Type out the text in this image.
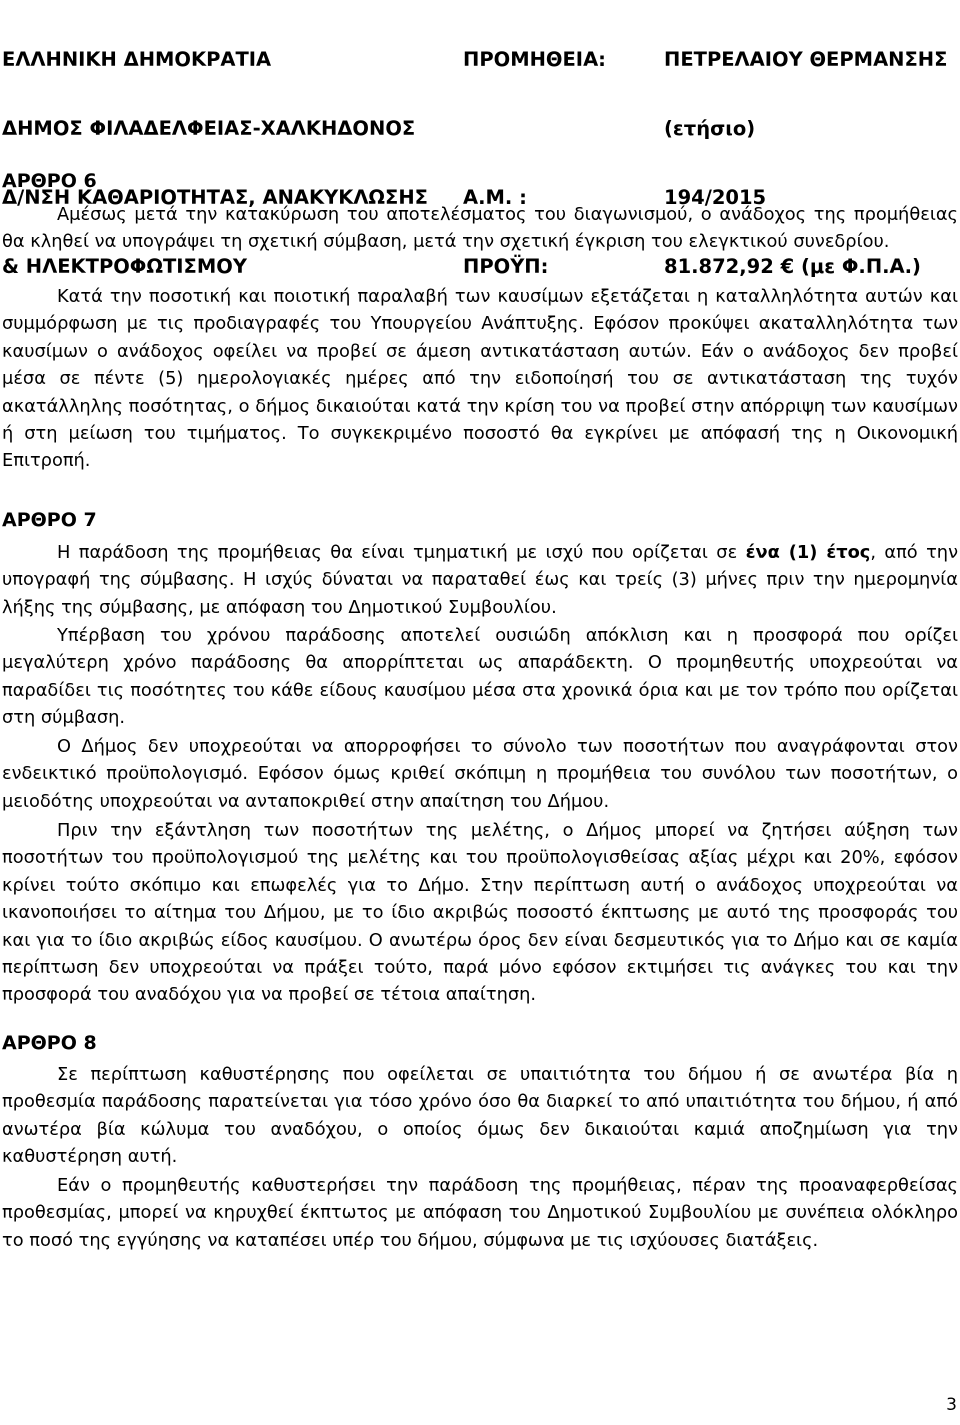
ΕΛΛΗΝΙΚΗ ΔΗΜΟΚΡΑΤΙΑ

ΔΗΜΟΣ ΦΙΛΑΔΕΛΦΕΙΑΣ-ΧΑΛΚΗΔΟΝΟΣ

Δ/ΝΣΗ ΚΑΘΑΡΙΟΤΗΤΑΣ, ΑΝΑΚΥΚΛΩΣΗΣ

& ΗΛΕΚΤΡΟΦΩΤΙΣΜΟΥ

ΠΡΟΜΗΘΕΙΑ:

Α.Μ. :

ΠΡΟΫΠ:

ΠΕΤΡΕΛΑΙΟΥ ΘΕΡΜΑΝΣΗΣ

(ετήσιο)

194/2015

81.872,92 € (με Φ.Π.Α.)

ΑΡΘΡΟ 6

Αμέσως μετά την κατακύρωση του αποτελέσματος του διαγωνισμού, ο ανάδοχος της προμήθειας θα κληθεί να υπογράψει τη σχετική σύμβαση, μετά την σχετική έγκριση του ελεγκτικού συνεδρίου.

Κατά την ποσοτική και ποιοτική παραλαβή των καυσίμων εξετάζεται η καταλληλότητα αυτών και συμμόρφωση με τις προδιαγραφές του Υπουργείου Ανάπτυξης. Εφόσον προκύψει ακαταλληλότητα των καυσίμων ο ανάδοχος οφείλει να προβεί σε άμεση αντικατάσταση αυτών. Εάν ο ανάδοχος δεν προβεί μέσα σε πέντε (5) ημερολογιακές ημέρες από την ειδοποίησή του σε αντικατάσταση της τυχόν ακατάλληλης ποσότητας, ο δήμος δικαιούται κατά την κρίση του να προβεί στην απόρριψη των καυσίμων ή στη μείωση του τιμήματος. Το συγκεκριμένο ποσοστό θα εγκρίνει με απόφασή της η Οικονομική Επιτροπή.

ΑΡΘΡΟ 7

Η παράδοση της προμήθειας θα είναι τμηματική με ισχύ που ορίζεται σε ένα (1) έτος, από την υπογραφή της σύμβασης. Η ισχύς δύναται να παραταθεί έως και τρείς (3) μήνες πριν την ημερομηνία λήξης της σύμβασης, με απόφαση του Δημοτικού Συμβουλίου.

Υπέρβαση του χρόνου παράδοσης αποτελεί ουσιώδη απόκλιση και η προσφορά που ορίζει μεγαλύτερη χρόνο παράδοσης θα απορρίπτεται ως απαράδεκτη. Ο προμηθευτής υποχρεούται να παραδίδει τις ποσότητες του κάθε είδους καυσίμου μέσα στα χρονικά όρια και με τον τρόπο που ορίζεται στη σύμβαση.

Ο Δήμος δεν υποχρεούται να απορροφήσει το σύνολο των ποσοτήτων που αναγράφονται στον ενδεικτικό προϋπολογισμό. Εφόσον όμως κριθεί σκόπιμη η προμήθεια του συνόλου των ποσοτήτων, ο μειοδότης υποχρεούται να ανταποκριθεί στην απαίτηση του Δήμου.

Πριν την εξάντληση των ποσοτήτων της μελέτης, ο Δήμος μπορεί να ζητήσει αύξηση των ποσοτήτων του προϋπολογισμού της μελέτης και του προϋπολογισθείσας αξίας μέχρι και 20%, εφόσον κρίνει τούτο σκόπιμο και επωφελές για το Δήμο. Στην περίπτωση αυτή ο ανάδοχος υποχρεούται να ικανοποιήσει το αίτημα του Δήμου, με το ίδιο ακριβώς ποσοστό έκπτωσης με αυτό της προσφοράς του και για το ίδιο ακριβώς είδος καυσίμου. Ο ανωτέρω όρος δεν είναι δεσμευτικός για το Δήμο και σε καμία περίπτωση δεν υποχρεούται να πράξει τούτο, παρά μόνο εφόσον εκτιμήσει τις ανάγκες του και την προσφορά του αναδόχου για να προβεί σε τέτοια απαίτηση.

ΑΡΘΡΟ 8

Σε περίπτωση καθυστέρησης που οφείλεται σε υπαιτιότητα του δήμου ή σε ανωτέρα βία η προθεσμία παράδοσης παρατείνεται για τόσο χρόνο όσο θα διαρκεί το από υπαιτιότητα του δήμου, ή από ανωτέρα βία κώλυμα του αναδόχου, ο οποίος όμως δεν δικαιούται καμιά αποζημίωση για την καθυστέρηση αυτή.

Εάν ο προμηθευτής καθυστερήσει την παράδοση της προμήθειας, πέραν της προαναφερθείσας προθεσμίας, μπορεί να κηρυχθεί έκπτωτος με απόφαση του Δημοτικού Συμβουλίου με συνέπεια ολόκληρο το ποσό της εγγύησης να καταπέσει υπέρ του δήμου, σύμφωνα με τις ισχύουσες διατάξεις.

3
